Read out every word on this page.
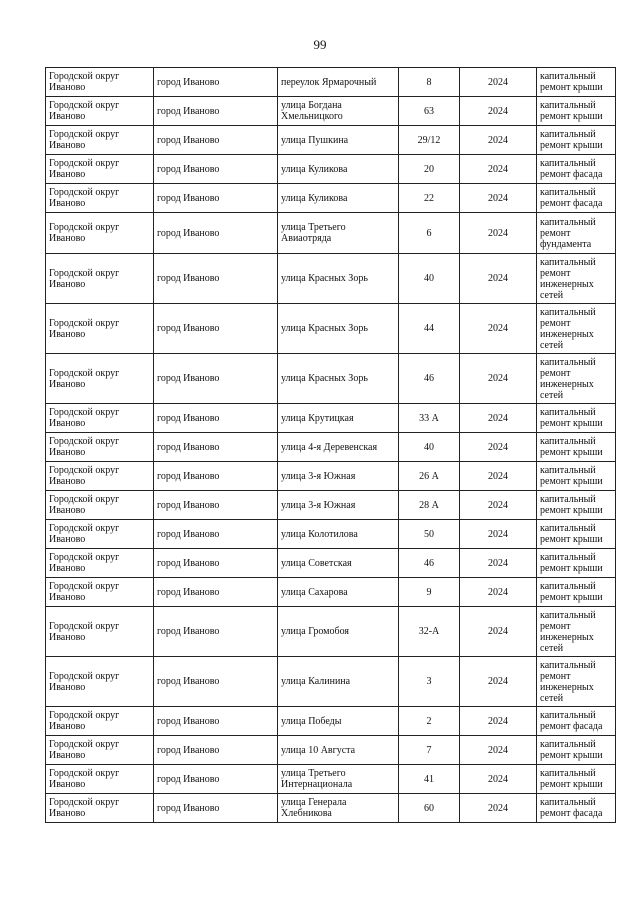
99
Городской округ Иваново	город Иваново	переулок Ярмарочный	8	2024	капитальный ремонт крыши
Городской округ Иваново	город Иваново	улица Богдана Хмельницкого	63	2024	капитальный ремонт крыши
Городской округ Иваново	город Иваново	улица Пушкина	29/12	2024	капитальный ремонт крыши
Городской округ Иваново	город Иваново	улица Куликова	20	2024	капитальный ремонт фасада
Городской округ Иваново	город Иваново	улица Куликова	22	2024	капитальный ремонт фасада
Городской округ Иваново	город Иваново	улица Третьего Авиаотряда	6	2024	капитальный ремонт фундамента
Городской округ Иваново	город Иваново	улица Красных Зорь	40	2024	капитальный ремонт инженерных сетей
Городской округ Иваново	город Иваново	улица Красных Зорь	44	2024	капитальный ремонт инженерных сетей
Городской округ Иваново	город Иваново	улица Красных Зорь	46	2024	капитальный ремонт инженерных сетей
Городской округ Иваново	город Иваново	улица Крутицкая	33 А	2024	капитальный ремонт крыши
Городской округ Иваново	город Иваново	улица 4-я Деревенская	40	2024	капитальный ремонт крыши
Городской округ Иваново	город Иваново	улица 3-я Южная	26 А	2024	капитальный ремонт крыши
Городской округ Иваново	город Иваново	улица 3-я Южная	28 А	2024	капитальный ремонт крыши
Городской округ Иваново	город Иваново	улица Колотилова	50	2024	капитальный ремонт крыши
Городской округ Иваново	город Иваново	улица Советская	46	2024	капитальный ремонт крыши
Городской округ Иваново	город Иваново	улица Сахарова	9	2024	капитальный ремонт крыши
Городской округ Иваново	город Иваново	улица Громобоя	32-А	2024	капитальный ремонт инженерных сетей
Городской округ Иваново	город Иваново	улица Калинина	3	2024	капитальный ремонт инженерных сетей
Городской округ Иваново	город Иваново	улица Победы	2	2024	капитальный ремонт фасада
Городской округ Иваново	город Иваново	улица 10 Августа	7	2024	капитальный ремонт крыши
Городской округ Иваново	город Иваново	улица Третьего Интернационала	41	2024	капитальный ремонт крыши
Городской округ Иваново	город Иваново	улица Генерала Хлебникова	60	2024	капитальный ремонт фасада
